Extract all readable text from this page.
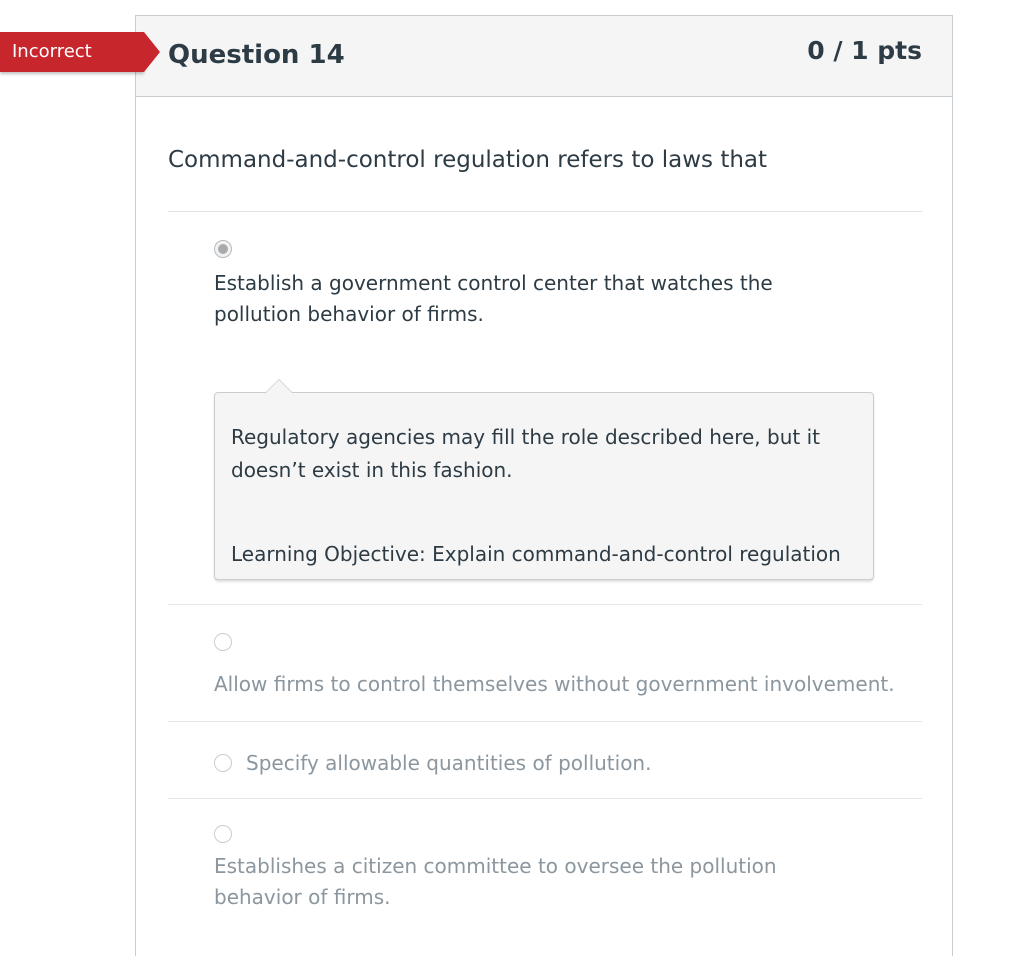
Question 14	0 / 1 pts
Command-and-control regulation refers to laws that
Establish a government control center that watches the pollution behavior of firms.
Regulatory agencies may fill the role described here, but it doesn’t exist in this fashion.
Learning Objective: Explain command-and-control regulation
Allow firms to control themselves without government involvement.
Specify allowable quantities of pollution.
Establishes a citizen committee to oversee the pollution behavior of firms.
Incorrect
